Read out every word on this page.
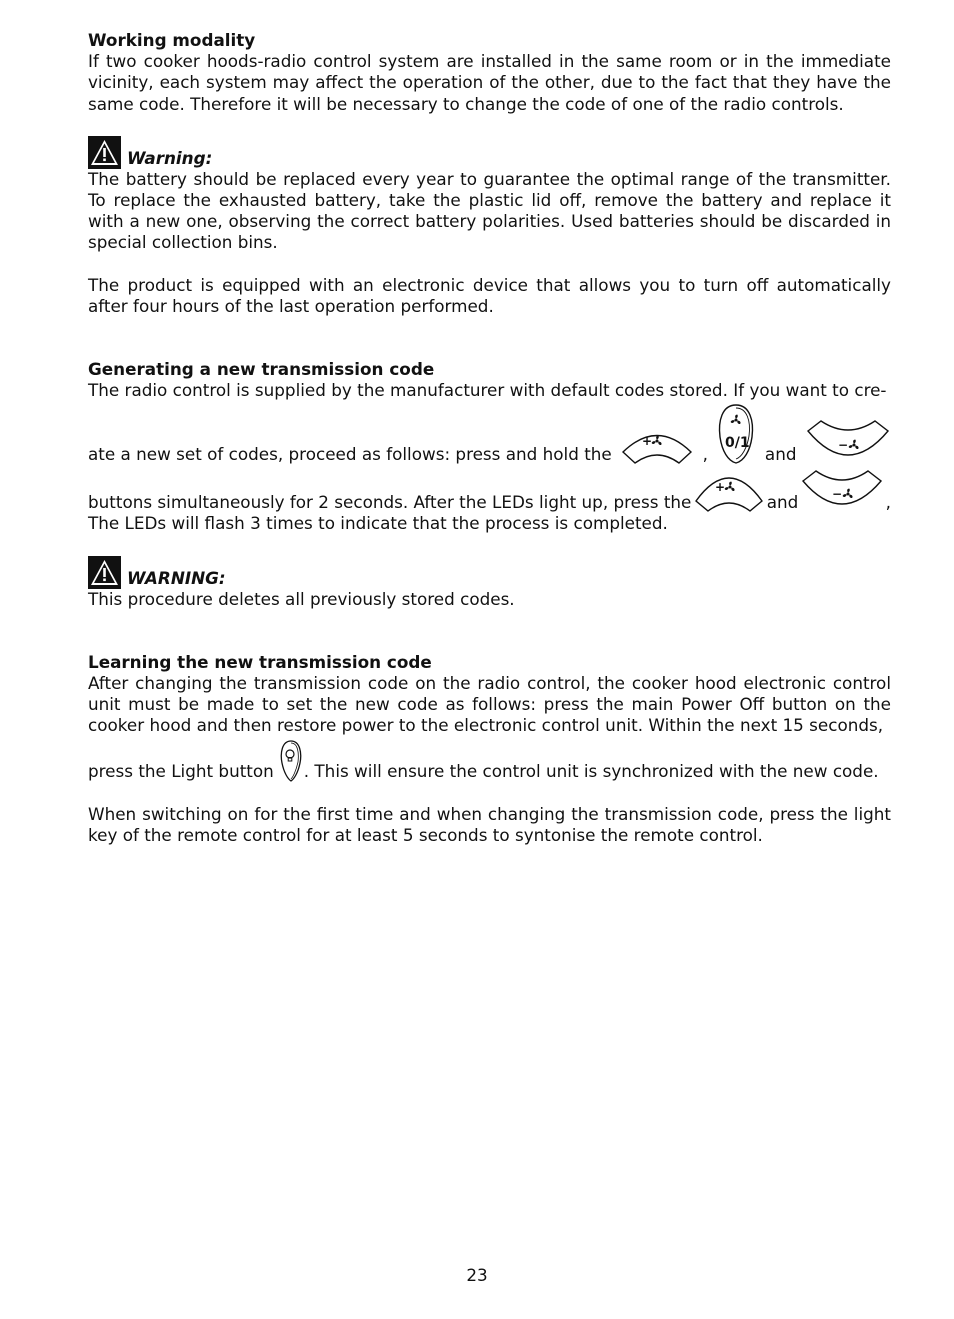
Working modality

If two cooker hoods-radio control system are installed in the same room or in the immediate vicinity, each system may affect the operation of the other, due to the fact that they have the same code. Therefore it will be necessary to change the code of one of the radio controls.

Warning:

The battery should be replaced every year to guarantee the optimal range of the transmitter. To replace the exhausted battery, take the plastic lid off, remove the battery and replace it with a new one, observing the correct battery polarities. Used batteries should be discarded in special collection bins.

The product is equipped with an electronic device that allows you to turn off automatically after four hours of the last operation performed.

Generating a new transmission code

The radio control is supplied by the manufacturer with default codes stored. If you want to cre-

ate a new set of codes, proceed as follows: press and hold the
+
,
0/1
and	−
buttons simultaneously for 2 seconds. After the LEDs light up, press the
+
and	−	,

The LEDs will flash 3 times to indicate that the process is completed.

WARNING:

This procedure deletes all previously stored codes.

Learning the new transmission code

After changing the transmission code on the radio control, the cooker hood electronic control unit must be made to set the new code as follows: press the main Power Off button on the cooker hood and then restore power to the electronic control unit. Within the next 15 seconds,

press the Light button . This will ensure the control unit is synchronized with the new code.

When switching on for the first time and when changing the transmission code, press the light key of the remote control for at least 5 seconds to syntonise the remote control.

23
